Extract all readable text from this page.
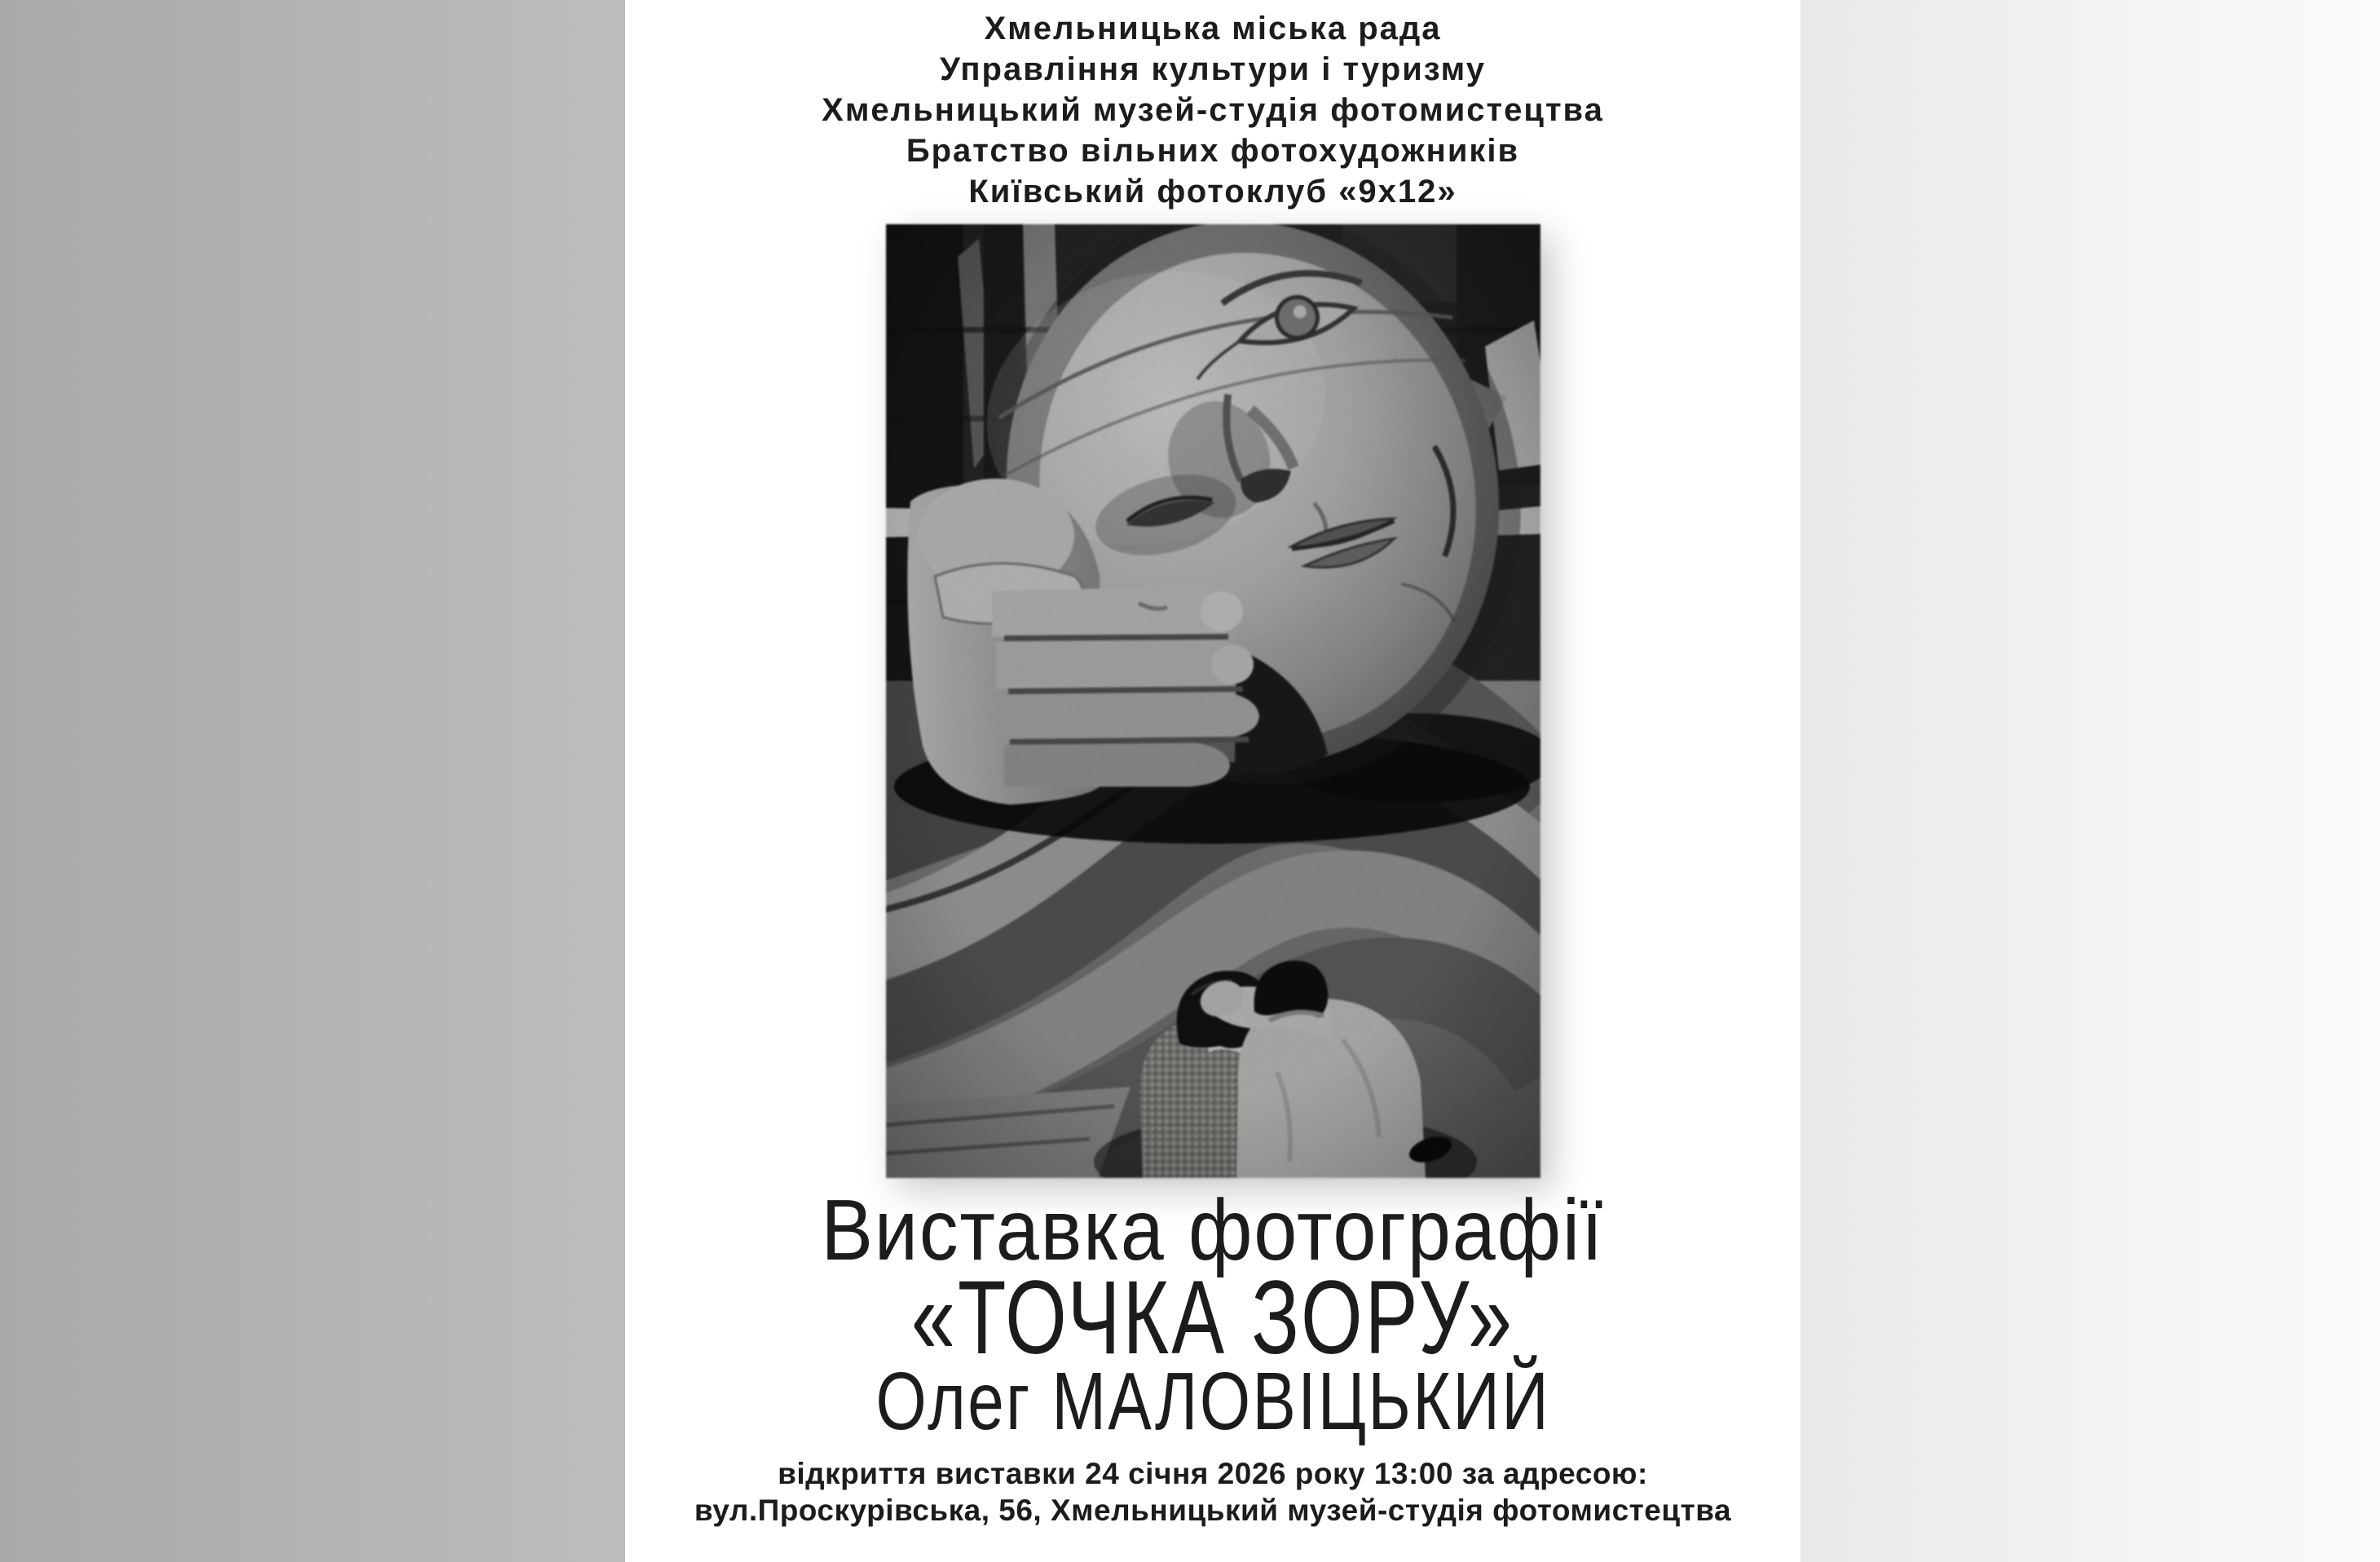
Хмельницька міська рада
Управління культури і туризму
Хмельницький музей-студія фотомистецтва
Братство вільних фотохудожників
Київський фотоклуб «9x12»
Виставка фотографії
«ТОЧКА ЗОРУ»
Олег МАЛОВІЦЬКИЙ
відкриття виставки 24 січня 2026 року 13:00 за адресою:
вул.Проскурівська, 56, Хмельницький музей-студія фотомистецтва
